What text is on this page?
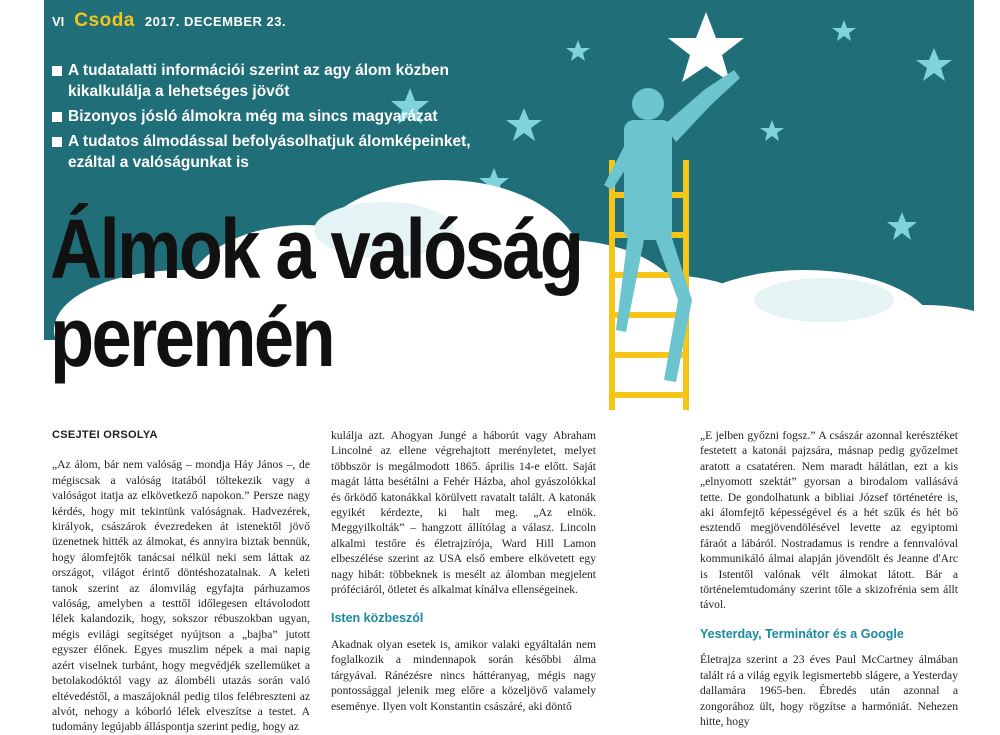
VI Csoda 2017. DECEMBER 23.
A tudatalatti információi szerint az agy álom közben kikalkulálja a lehetséges jövőt
Bizonyos jósló álmokra még ma sincs magyarázat
A tudatos álmodással befolyásolhatjuk álomképeinket, ezáltal a valóságunkat is
Álmok a valóság
peremén
CSEJTEI ORSOLYA

„Az álom, bár nem valóság – mondja Háy János –, de mégiscsak a valóság itatából töltekezik vagy a valóságot itatja az elkövetkező napokon.” Persze nagy kérdés, hogy mit tekintünk valóságnak. Hadvezérek, királyok, császárok évezredeken át istenektől jövő üzenetnek hitték az álmokat, és annyira biztak bennük, hogy álomfejtők tanácsai nélkül neki sem láttak az országot, világot érintő döntéshozatalnak. A keleti tanok szerint az álomvilág egyfajta párhuzamos valóság, amelyben a testtől időlegesen eltávolodott lélek kalandozik, hogy, sokszor rébuszokban ugyan, mégis evilági segítséget nyújtson a „bajba” jutott egyszer élőnek. Egyes muszlim népek a mai napig azért viselnek turbánt, hogy megvédjék szellemüket a betolakodóktól vagy az álombéli utazás során való eltévedéstől, a maszájoknál pedig tilos felébreszteni az alvót, nehogy a kóborló lélek elveszítse a testet. A tudomány legújabb álláspontja szerint pedig, hogy az

kulálja azt. Ahogyan Jungé a háborút vagy Abraham Lincolné az ellene végrehajtott merényletet, melyet többször is megálmodott 1865. április 14-e előtt. Saját magát látta besétálni a Fehér Házba, ahol gyászolókkal és őrködő katonákkal körülvett ravatalt talált. A katonák egyikét kérdezte, ki halt meg. „Az elnök. Meggyilkolták” – hangzott állítólag a válasz. Lincoln alkalmi testőre és életrajzírója, Ward Hill Lamon elbeszélése szerint az USA első embere elkövetett egy nagy hibát: többeknek is mesélt az álomban megjelent próféciáról, ötletet és alkalmat kínálva ellenségeinek.

Isten közbeszól

Akadnak olyan esetek is, amikor valaki egyáltalán nem foglalkozik a mindennapok során későbbi álma tárgyával. Ránézésre nincs háttéranyag, mégis nagy pontossággal jelenik meg előre a közeljövő valamely eseménye. Ilyen volt Konstantin császáré, aki döntő

„E jelben győzni fogsz.” A császár azonnal kerésztéket festetett a katonái pajzsára, másnap pedig győzelmet aratott a csatatéren. Nem maradt hálátlan, ezt a kis „elnyomott szektát” gyorsan a birodalom vallásává tette. De gondolhatunk a bibliai József történetére is, aki álomfejtő képességével és a hét szűk és hét bő esztendő megjövendölésével levette az egyiptomi fáraót a lábáról. Nostradamus is rendre a fennvalóval kommunikáló álmai alapján jövendölt és Jeanne d'Arc is Istentől valónak vélt álmokat látott. Bár a történelemtudomány szerint tőle a skizofrénia sem állt távol.

Yesterday, Terminátor és a Google

Életrajza szerint a 23 éves Paul McCartney álmában talált rá a világ egyik legismertebb slágere, a Yesterday dallamára 1965-ben. Ébredés után azonnal a zongorához ült, hogy rögzítse a harmóniát. Nehezen hitte, hogy
